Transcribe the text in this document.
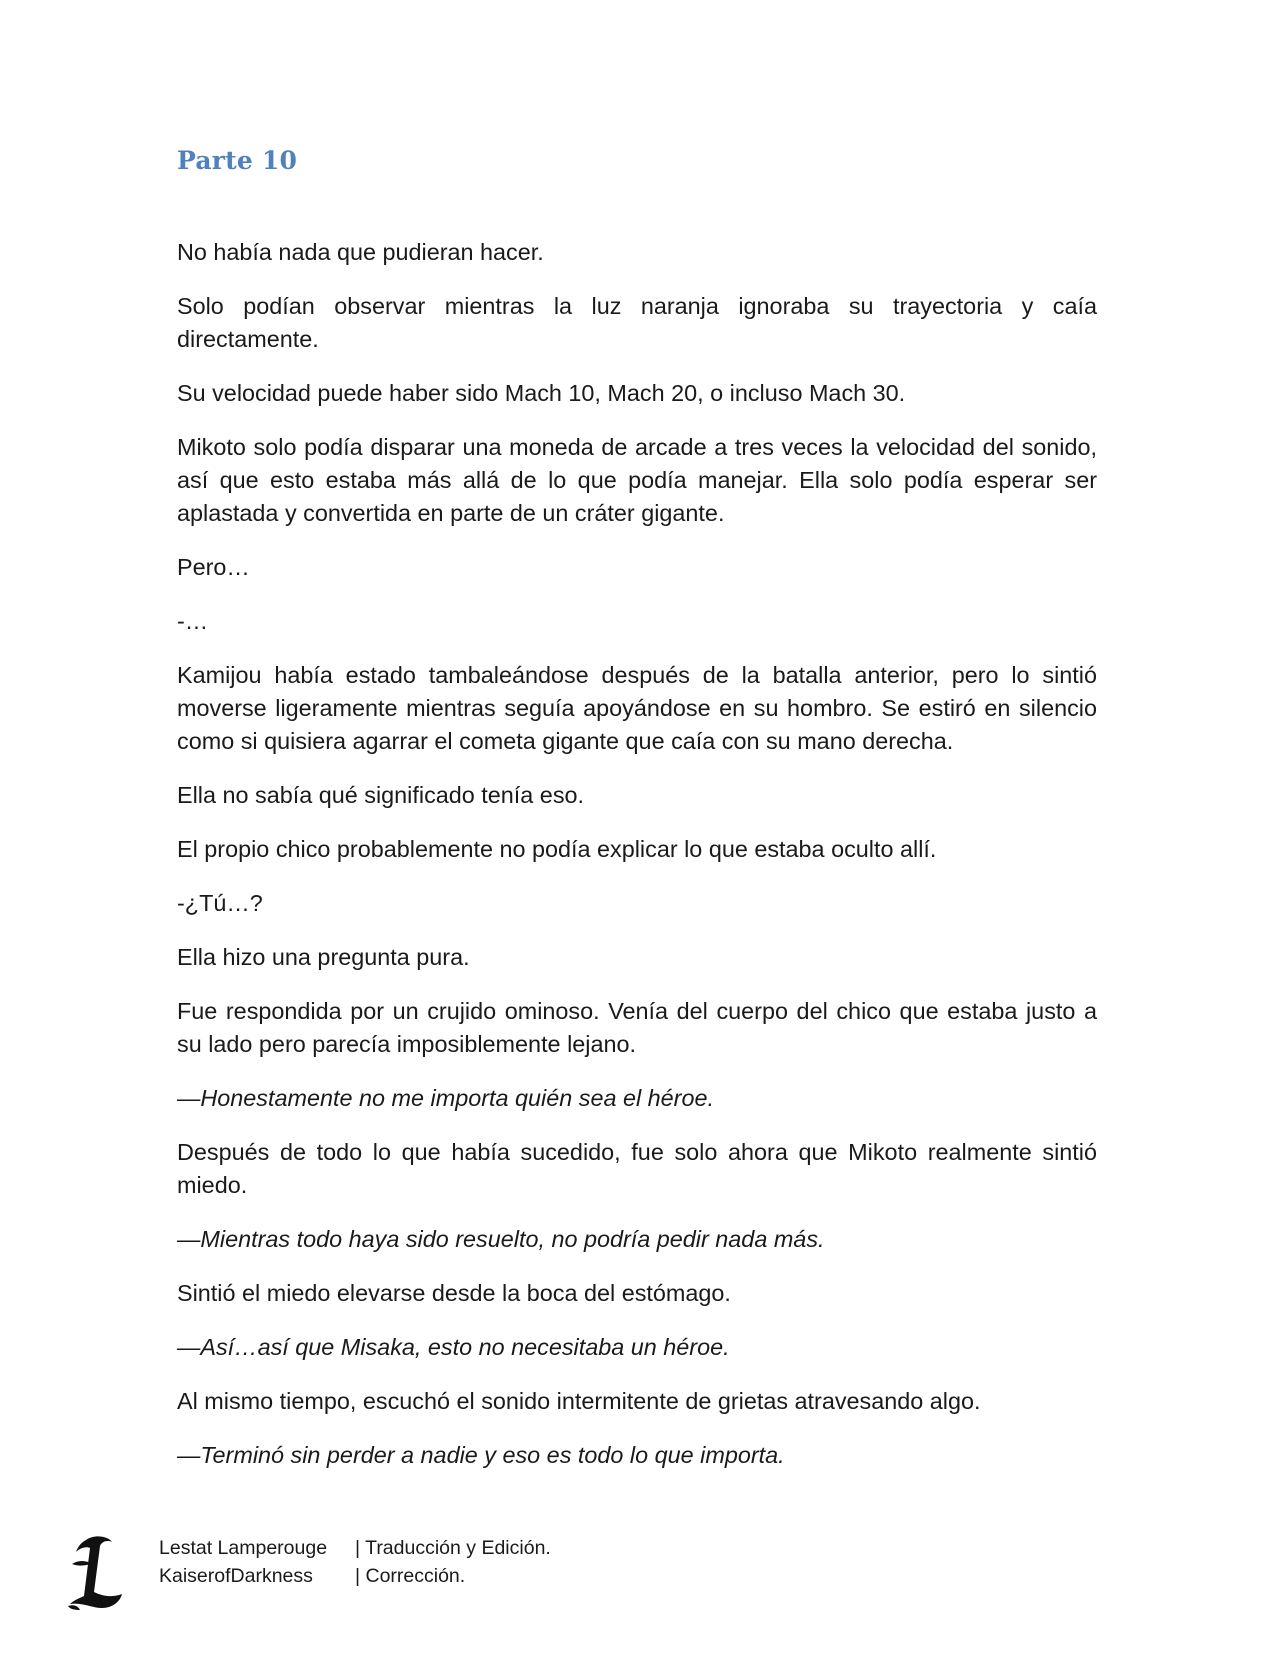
Parte 10

No había nada que pudieran hacer.

Solo podían observar mientras la luz naranja ignoraba su trayectoria y caía directamente.

Su velocidad puede haber sido Mach 10, Mach 20, o incluso Mach 30.

Mikoto solo podía disparar una moneda de arcade a tres veces la velocidad del sonido, así que esto estaba más allá de lo que podía manejar. Ella solo podía esperar ser aplastada y convertida en parte de un cráter gigante.

Pero…

-…

Kamijou había estado tambaleándose después de la batalla anterior, pero lo sintió moverse ligeramente mientras seguía apoyándose en su hombro. Se estiró en silencio como si quisiera agarrar el cometa gigante que caía con su mano derecha.

Ella no sabía qué significado tenía eso.

El propio chico probablemente no podía explicar lo que estaba oculto allí.

-¿Tú…?

Ella hizo una pregunta pura.

Fue respondida por un crujido ominoso. Venía del cuerpo del chico que estaba justo a su lado pero parecía imposiblemente lejano.

—Honestamente no me importa quién sea el héroe.

Después de todo lo que había sucedido, fue solo ahora que Mikoto realmente sintió miedo.

—Mientras todo haya sido resuelto, no podría pedir nada más.

Sintió el miedo elevarse desde la boca del estómago.

—Así…así que Misaka, esto no necesitaba un héroe.

Al mismo tiempo, escuchó el sonido intermitente de grietas atravesando algo.

—Terminó sin perder a nadie y eso es todo lo que importa.

Lestat Lamperouge	| Traducción y Edición.
KaiserofDarkness	| Corrección.
